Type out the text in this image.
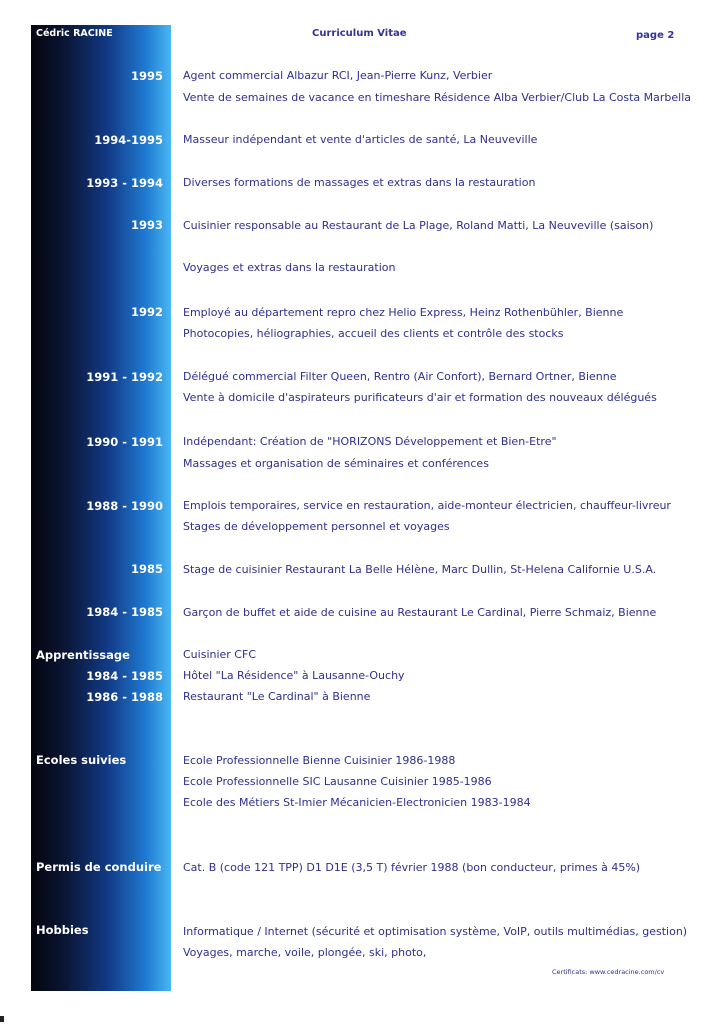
Cédric RACINE	Curriculum Vitae	page 2
1995 Agent commercial Albazur RCI, Jean-Pierre Kunz, Verbier
Vente de semaines de vacance en timeshare Résidence Alba Verbier/Club La Costa Marbella
1994-1995 Masseur indépendant et vente d'articles de santé, La Neuveville
1993 - 1994 Diverses formations de massages et extras dans la restauration
1993 Cuisinier responsable au Restaurant de La Plage, Roland Matti, La Neuveville (saison)
Voyages et extras dans la restauration
1992 Employé au département repro chez Helio Express, Heinz Rothenbühler, Bienne
Photocopies, héliographies, accueil des clients et contrôle des stocks
1991 - 1992 Délégué commercial Filter Queen, Rentro (Air Confort), Bernard Ortner, Bienne
Vente à domicile d'aspirateurs purificateurs d'air et formation des nouveaux délégués
1990 - 1991 Indépendant: Création de "HORIZONS Développement et Bien-Etre"
Massages et organisation de séminaires et conférences
1988 - 1990 Emplois temporaires, service en restauration, aide-monteur électricien, chauffeur-livreur
Stages de développement personnel et voyages
1985 Stage de cuisinier Restaurant La Belle Hélène, Marc Dullin, St-Helena Californie U.S.A.
1984 - 1985 Garçon de buffet et aide de cuisine au Restaurant Le Cardinal, Pierre Schmaiz, Bienne
Apprentissage	Cuisinier CFC
1984 - 1985 Hôtel "La Résidence" à Lausanne-Ouchy
1986 - 1988 Restaurant "Le Cardinal" à Bienne
Ecoles suivies	Ecole Professionnelle Bienne Cuisinier 1986-1988
Ecole Professionnelle SIC Lausanne Cuisinier 1985-1986
Ecole des Métiers St-Imier Mécanicien-Electronicien 1983-1984
Permis de conduire Cat. B (code 121 TPP) D1 D1E (3,5 T) février 1988 (bon conducteur, primes à 45%)
Hobbies	Informatique / Internet (sécurité et optimisation système, VoIP, outils multimédias, gestion)
Voyages, marche, voile, plongée, ski, photo,
Certificats: www.cedracine.com/cv
